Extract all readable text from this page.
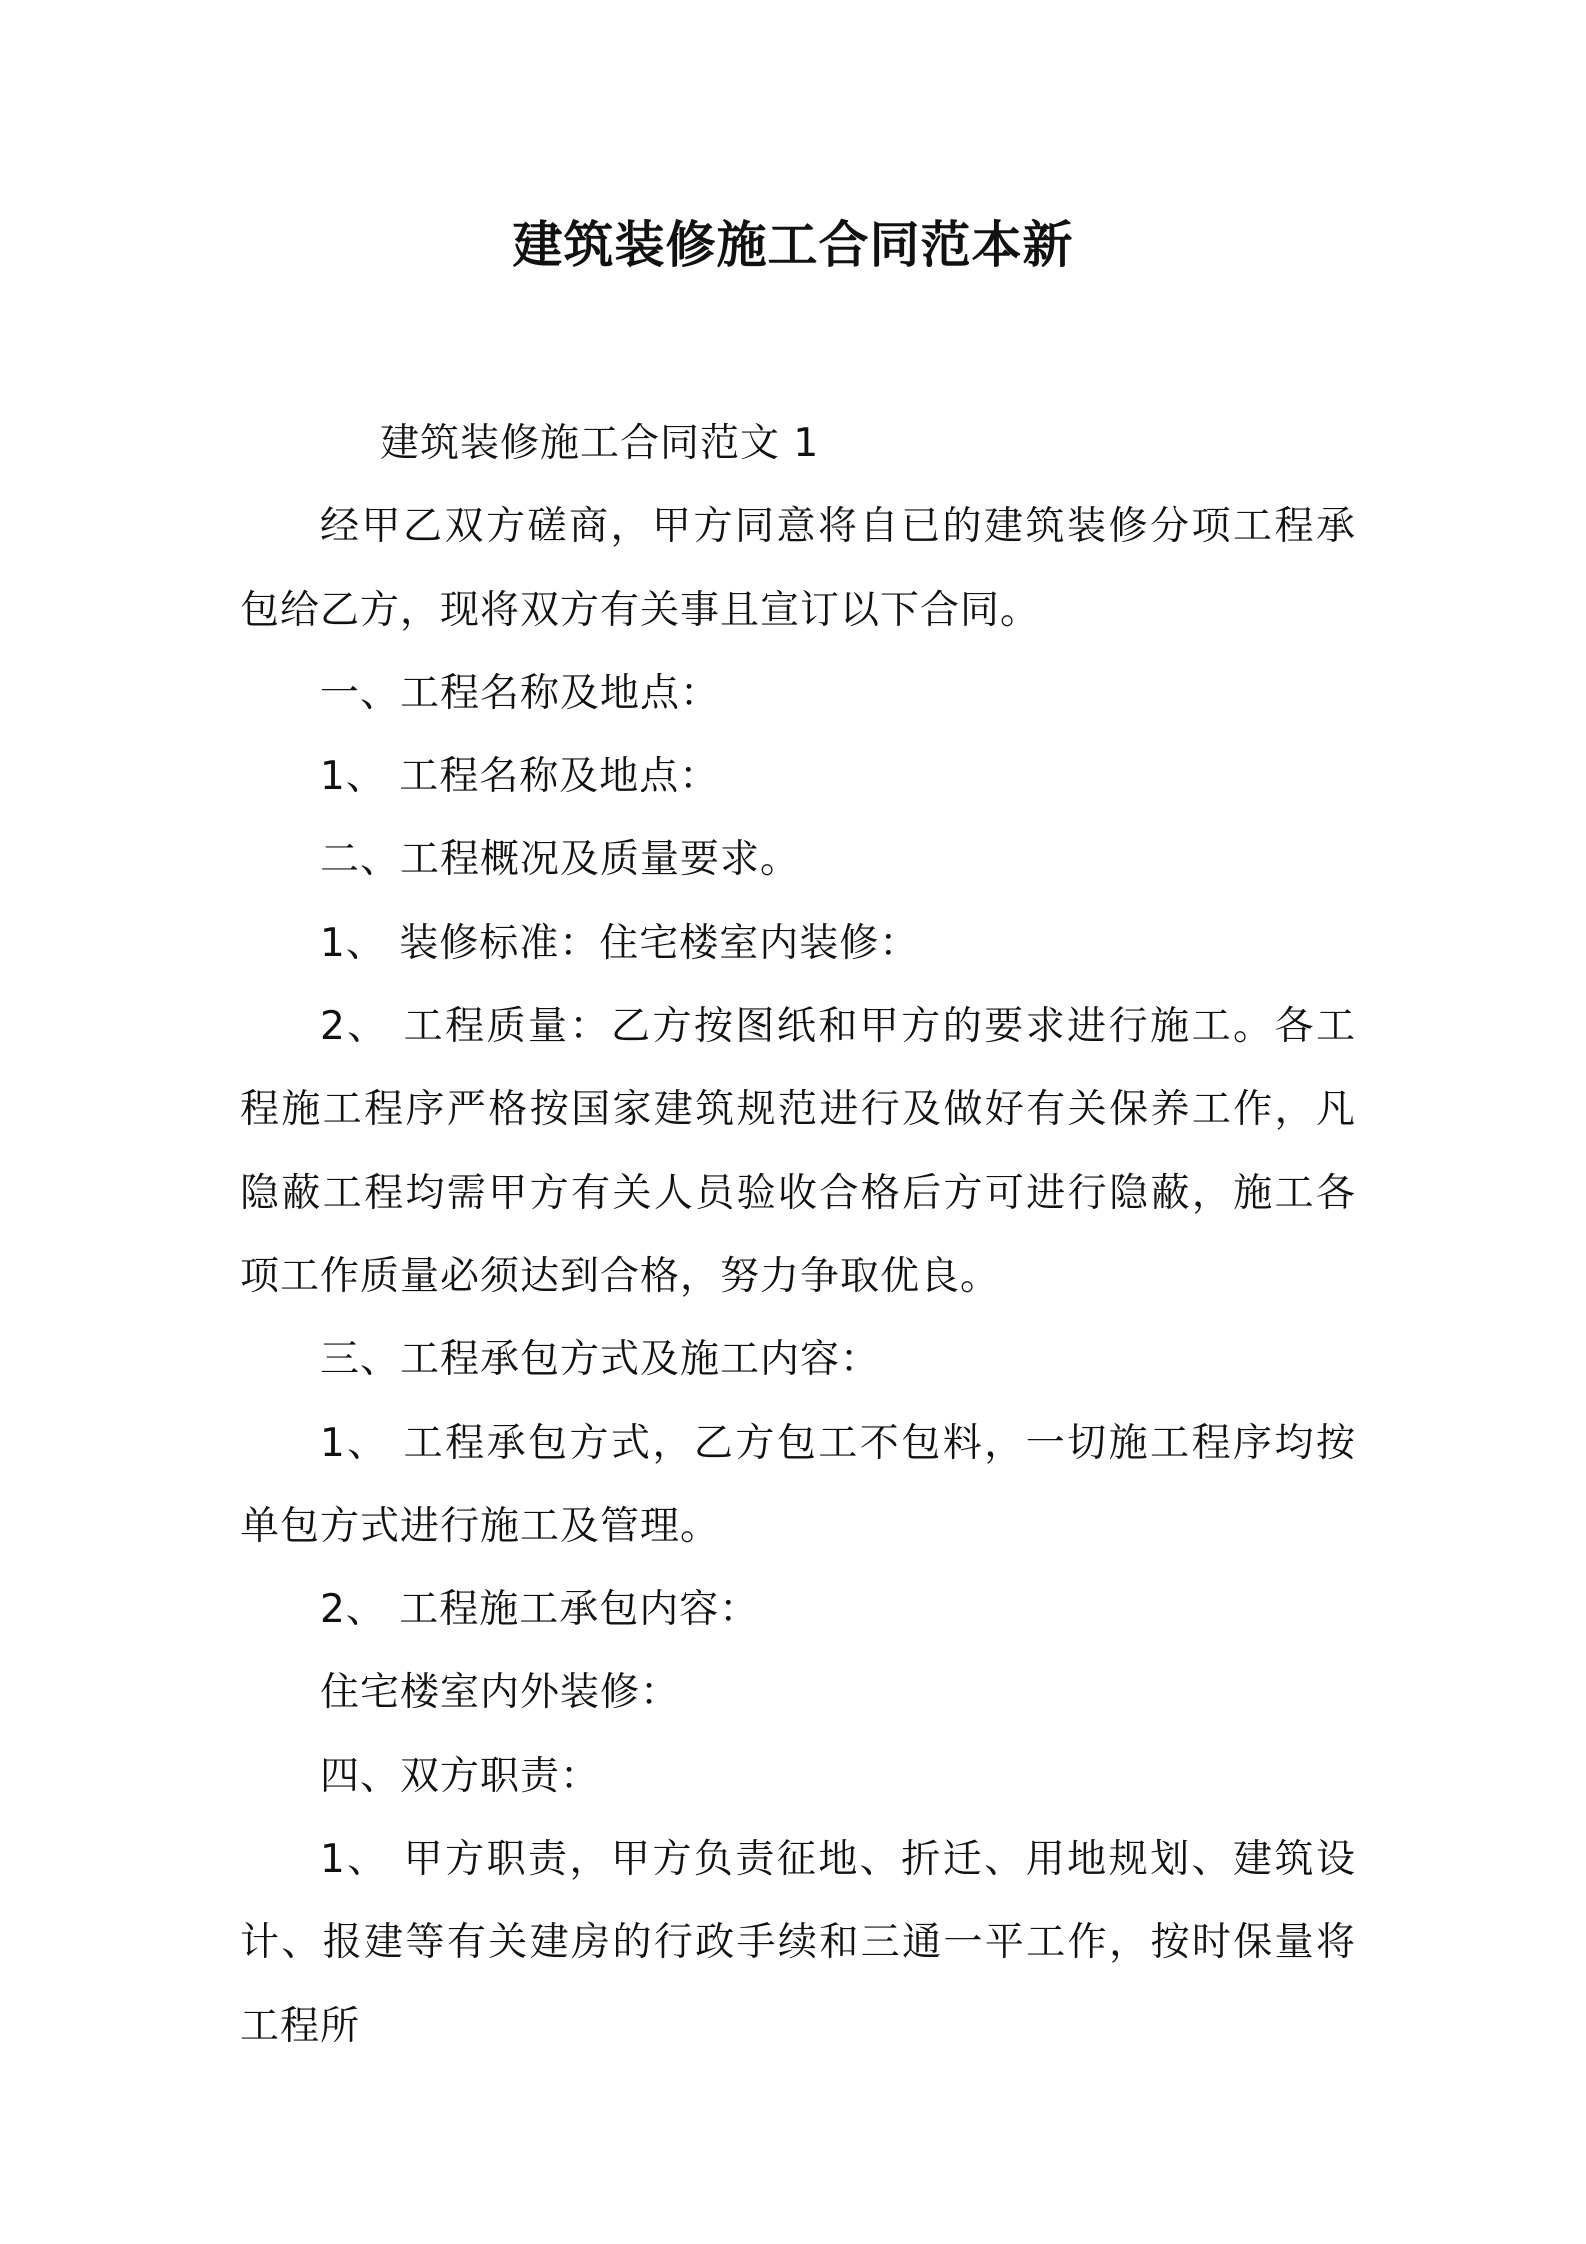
建筑装修施工合同范本新

建筑装修施工合同范文 1

经甲乙双方磋商，甲方同意将自已的建筑装修分项工程承包给乙方，现将双方有关事且宣订以下合同。

一、工程名称及地点：

1、 工程名称及地点：

二、工程概况及质量要求。

1、 装修标准：住宅楼室内装修：

2、 工程质量：乙方按图纸和甲方的要求进行施工。各工程施工程序严格按国家建筑规范进行及做好有关保养工作，凡隐蔽工程均需甲方有关人员验收合格后方可进行隐蔽，施工各项工作质量必须达到合格，努力争取优良。

三、工程承包方式及施工内容：

1、 工程承包方式，乙方包工不包料，一切施工程序均按单包方式进行施工及管理。

2、 工程施工承包内容：

住宅楼室内外装修：

四、双方职责：

1、 甲方职责，甲方负责征地、折迁、用地规划、建筑设计、报建等有关建房的行政手续和三通一平工作，按时保量将工程所
